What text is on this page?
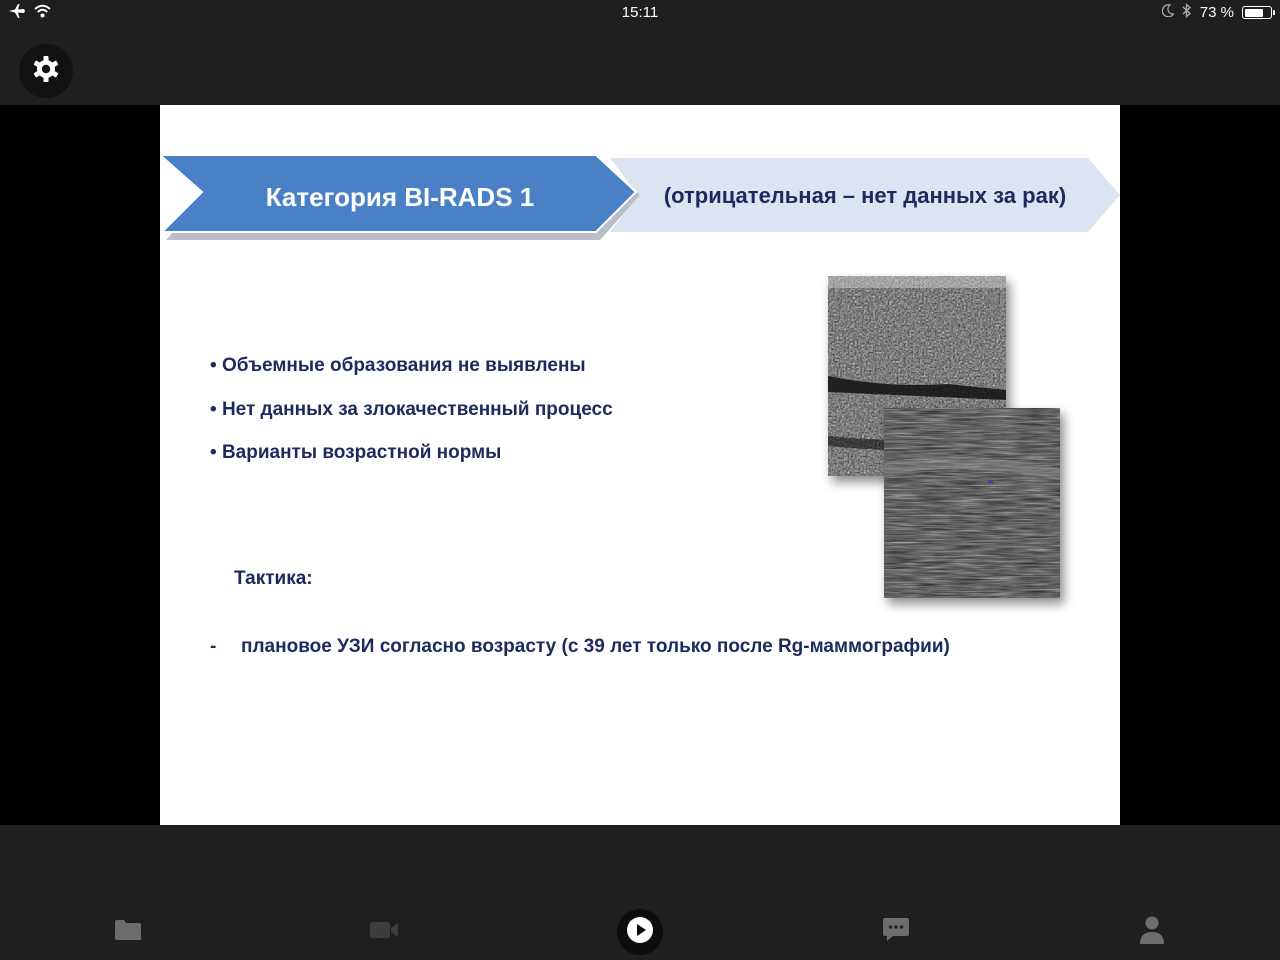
15:11	73 %
Категория BI-RADS 1	(отрицательная – нет данных за рак)
• Объемные образования не выявлены
• Нет данных за злокачественный процесс
• Варианты возрастной нормы
Тактика:
- плановое УЗИ согласно возрасту (с 39 лет только после Rg-маммографии)
